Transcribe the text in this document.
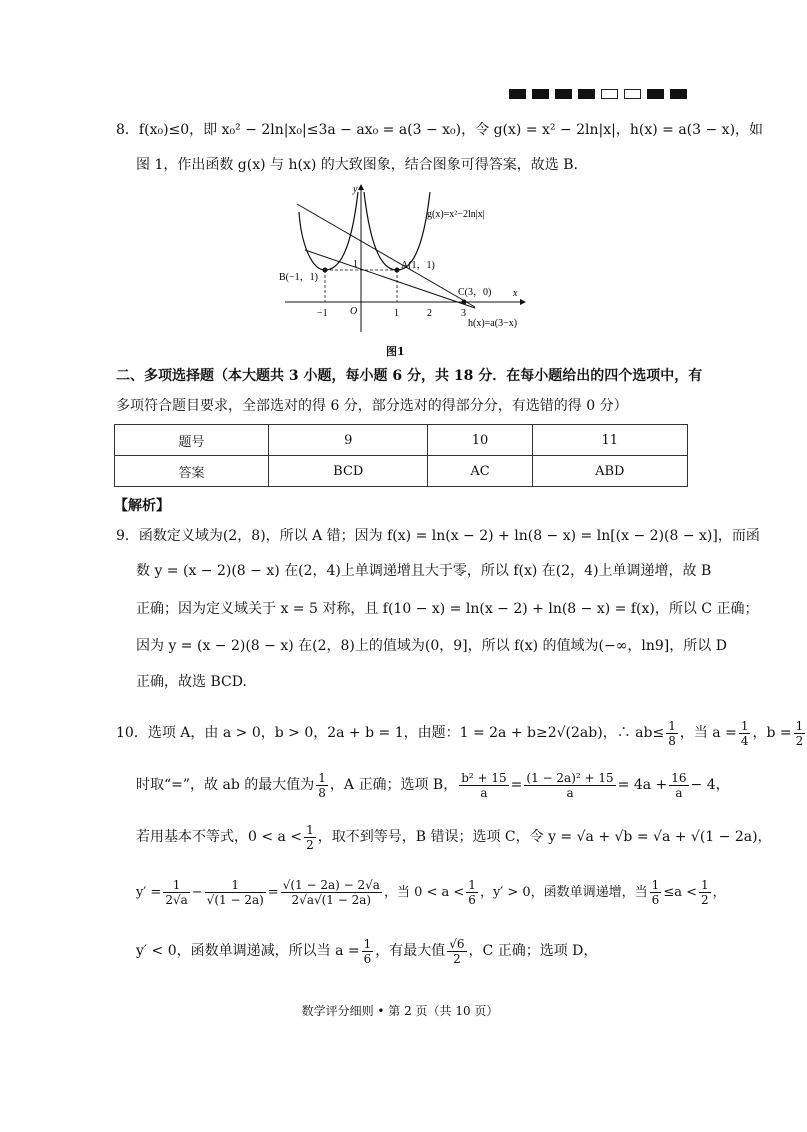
8．f(x₀)≤0，即 x₀² − 2ln|x₀|≤3a − ax₀ = a(3 − x₀)，令 g(x) = x² − 2ln|x|，h(x) = a(3 − x)，如
图 1，作出函数 g(x) 与 h(x) 的大致图象，结合图象可得答案，故选 B.
y
x
g(x)=x²−2ln|x|
h(x)=a(3−x)
A(1，1)
B(−1，1)
C(3，0)
1
O
−1	1	2	3
图1
二、多项选择题（本大题共 3 小题，每小题 6 分，共 18 分．在每小题给出的四个选项中，有
多项符合题目要求，全部选对的得 6 分，部分选对的得部分分，有选错的得 0 分）
题号	9	10	11
答案	BCD	AC	ABD
【解析】
9．函数定义域为(2，8)，所以 A 错；因为 f(x) = ln(x − 2) + ln(8 − x) = ln[(x − 2)(8 − x)]，而函
数 y = (x − 2)(8 − x) 在(2，4)上单调递增且大于零，所以 f(x) 在(2，4)上单调递增，故 B
正确；因为定义域关于 x = 5 对称，且 f(10 − x) = ln(x − 2) + ln(8 − x) = f(x)，所以 C 正确；
因为 y = (x − 2)(8 − x) 在(2，8)上的值域为(0，9]，所以 f(x) 的值域为(−∞，ln9]，所以 D
正确，故选 BCD.
10．选项 A，由 a > 0，b > 0，2a + b = 1，由题：1 = 2a + b≥2√(2ab)，∴ $ab\le \frac{1}{8}$ ，当 $a = \frac{1}{4}$ ，$b = \frac{1}{2}$
时取“=”，故 ab 的最大值为 $\frac{1}{8}$ ，A 正确；选项 B， $\frac{\text{b² + 15}}{a} = \frac{\text{(1 − 2a)² + 15}}{a} = 4a + \frac{16}{a} - 4$，
若用基本不等式，$0 < a < \frac{1}{2}$ ，取不到等号，B 错误；选项 C，令 y = √a + √b = √a + √(1 − 2a)，
$y' = \frac{1}{2√a} - \frac{1}{√(1 - 2a)} = \frac{√(1 - 2a) - 2√a}{2√a√(1 - 2a)}$ ，当 $0 < a < \frac{1}{6}$ ，y′ > 0，函数单调递增，当 $\frac{1}{6} \le a < \frac{1}{2}$ ，
y′ < 0，函数单调递减，所以当 $a = \frac{1}{6}$ ，有最大值 $\frac{√6}{2}$ ，C 正确；选项 D，
数学评分细则 • 第 2 页（共 10 页）
